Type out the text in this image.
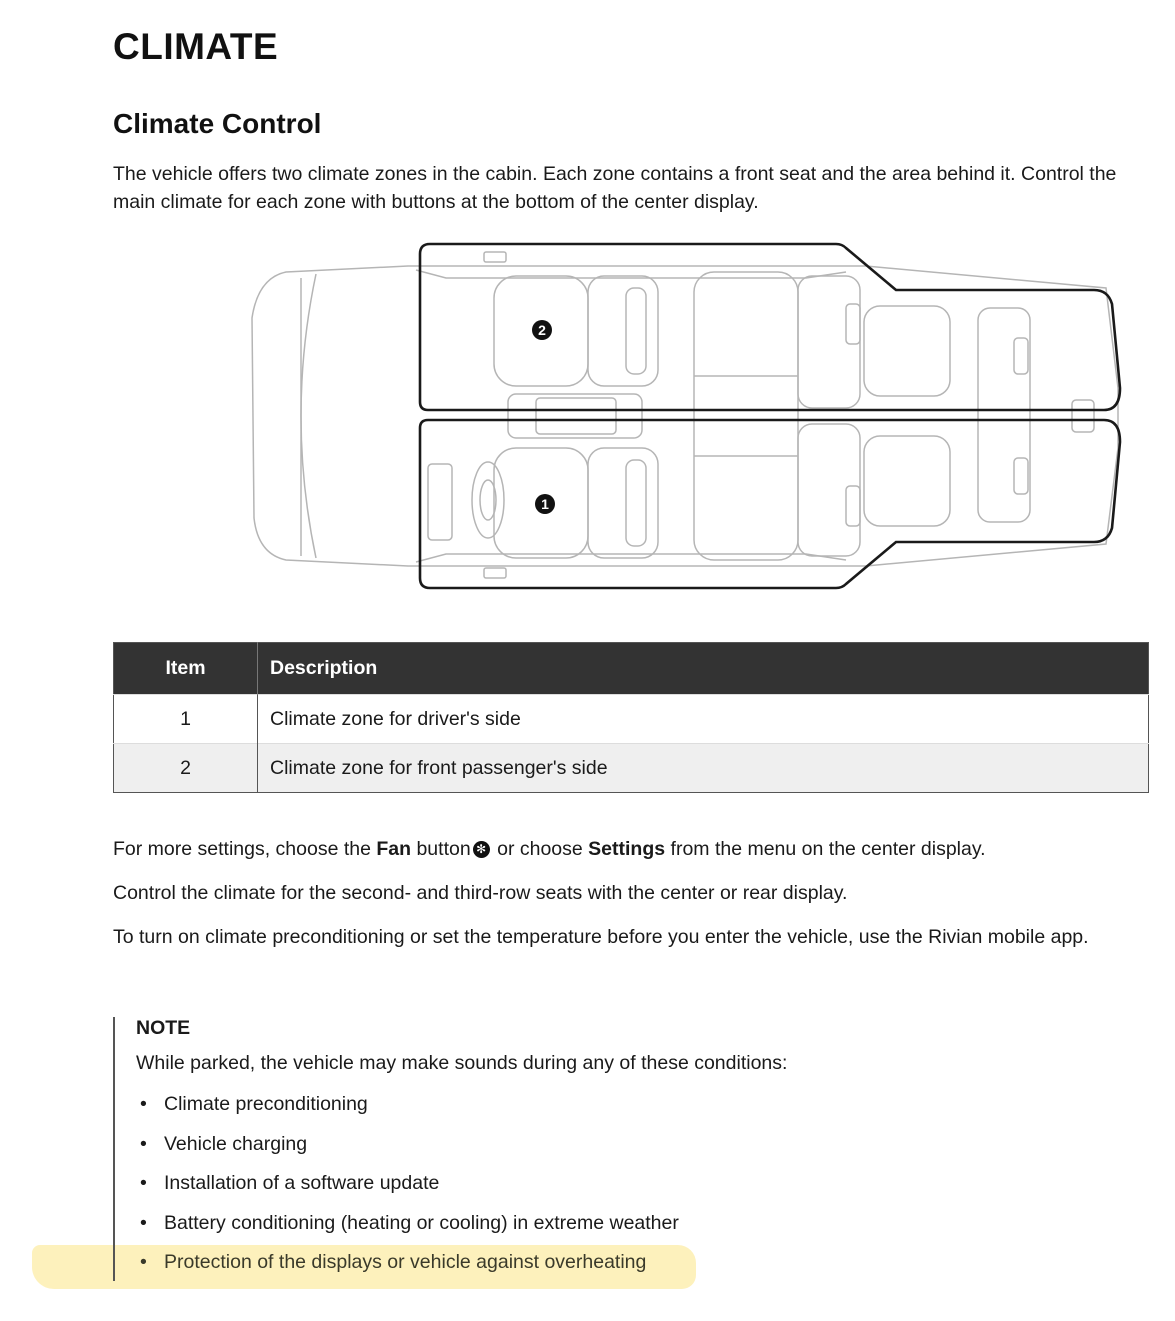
CLIMATE
Climate Control

The vehicle offers two climate zones in the cabin. Each zone contains a front seat and the area behind it. Control the main climate for each zone with buttons at the bottom of the center display.

2
1
Item	Description
1	Climate zone for driver's side
2	Climate zone for front passenger's side

For more settings, choose the Fan button ✻ or choose Settings from the menu on the center display.

Control the climate for the second- and third-row seats with the center or rear display.

To turn on climate preconditioning or set the temperature before you enter the vehicle, use the Rivian mobile app.

NOTE

While parked, the vehicle may make sounds during any of these conditions:

• Climate preconditioning
• Vehicle charging
• Installation of a software update
• Battery conditioning (heating or cooling) in extreme weather
• Protection of the displays or vehicle against overheating
